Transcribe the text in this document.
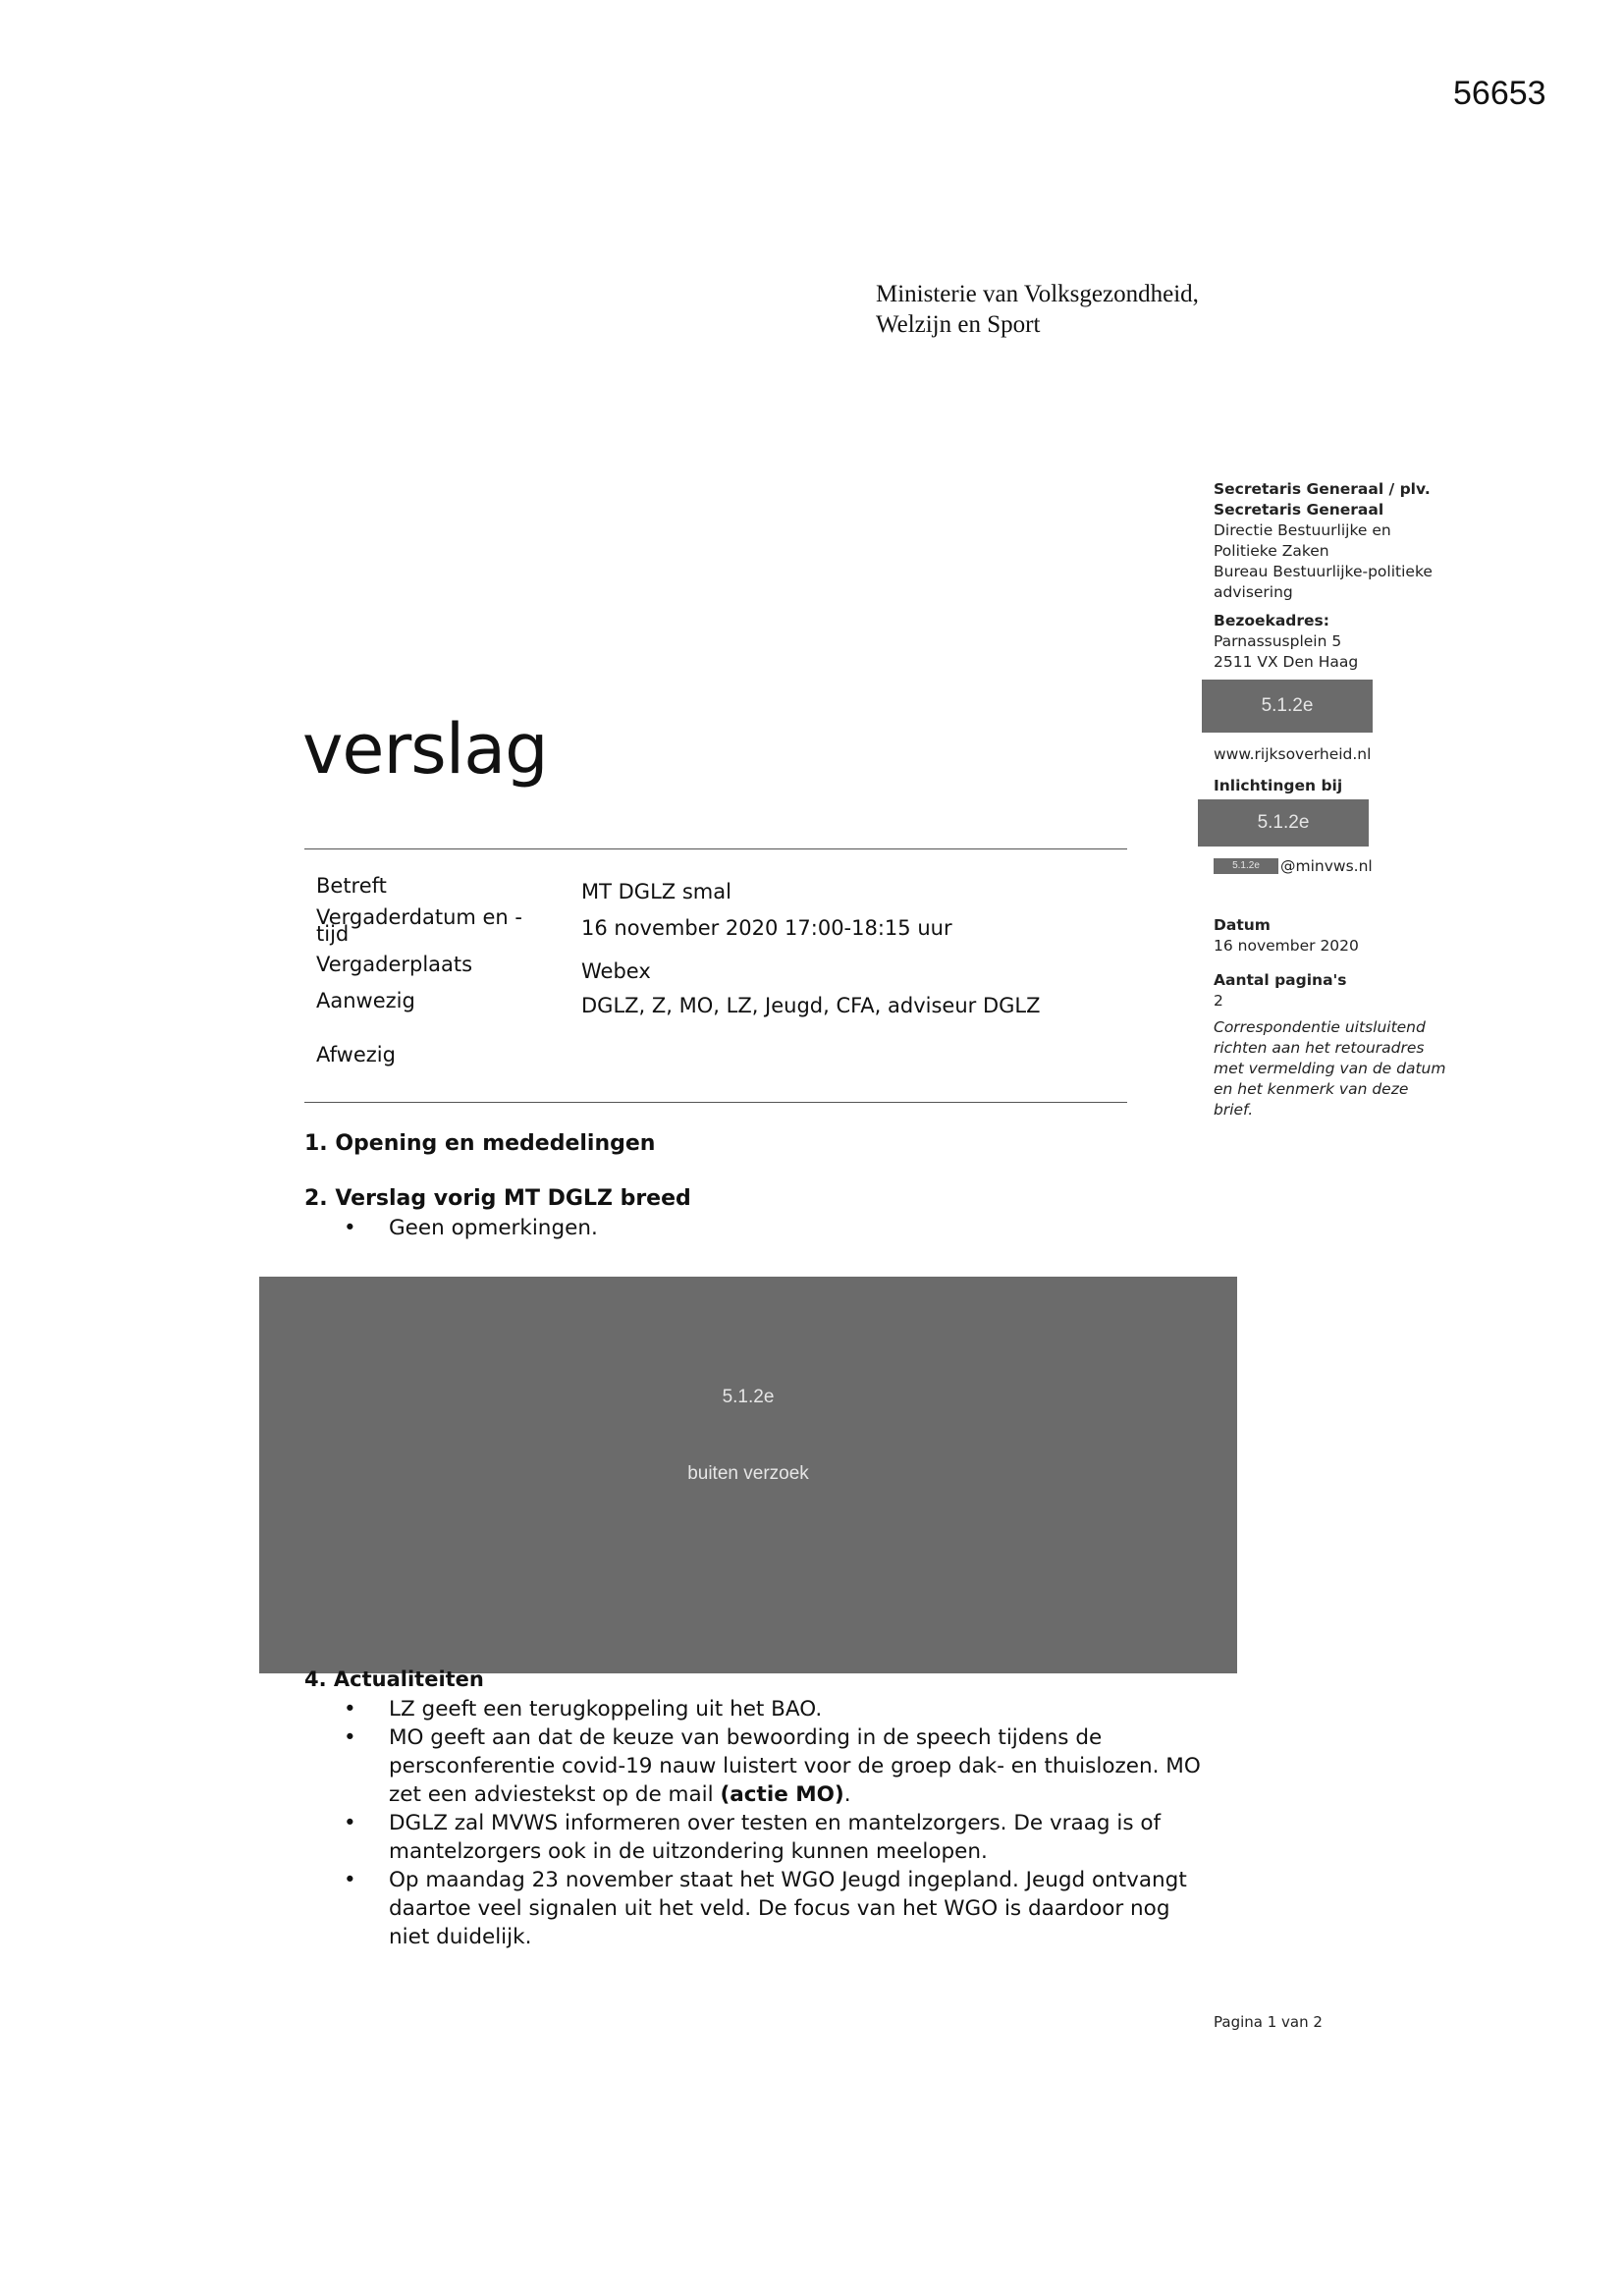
56653
Ministerie van Volksgezondheid,
Welzijn en Sport
verslag
Betreft	MT DGLZ smal
Vergaderdatum en -
tijd	16 november 2020 17:00-18:15 uur
Vergaderplaats	Webex
Aanwezig	DGLZ, Z, MO, LZ, Jeugd, CFA, adviseur DGLZ
Afwezig
Secretaris Generaal / plv.
Secretaris Generaal
Directie Bestuurlijke en
Politieke Zaken
Bureau Bestuurlijke-politieke
advisering
Bezoekadres:
Parnassusplein 5
2511 VX Den Haag
5.1.2e
www.rijksoverheid.nl
Inlichtingen bij
5.1.2e
5.1.2e	@minvws.nl
Datum
16 november 2020
Aantal pagina's
2
Correspondentie uitsluitend
richten aan het retouradres
met vermelding van de datum
en het kenmerk van deze
brief.
1. Opening en mededelingen
2. Verslag vorig MT DGLZ breed
• Geen opmerkingen.
5.1.2e
buiten verzoek
4. Actualiteiten
• LZ geeft een terugkoppeling uit het BAO.
• MO geeft aan dat de keuze van bewoording in de speech tijdens de persconferentie covid-19 nauw luistert voor de groep dak- en thuislozen. MO zet een adviestekst op de mail (actie MO).
• DGLZ zal MVWS informeren over testen en mantelzorgers. De vraag is of mantelzorgers ook in de uitzondering kunnen meelopen.
• Op maandag 23 november staat het WGO Jeugd ingepland. Jeugd ontvangt daartoe veel signalen uit het veld. De focus van het WGO is daardoor nog niet duidelijk.
Pagina 1 van 2
